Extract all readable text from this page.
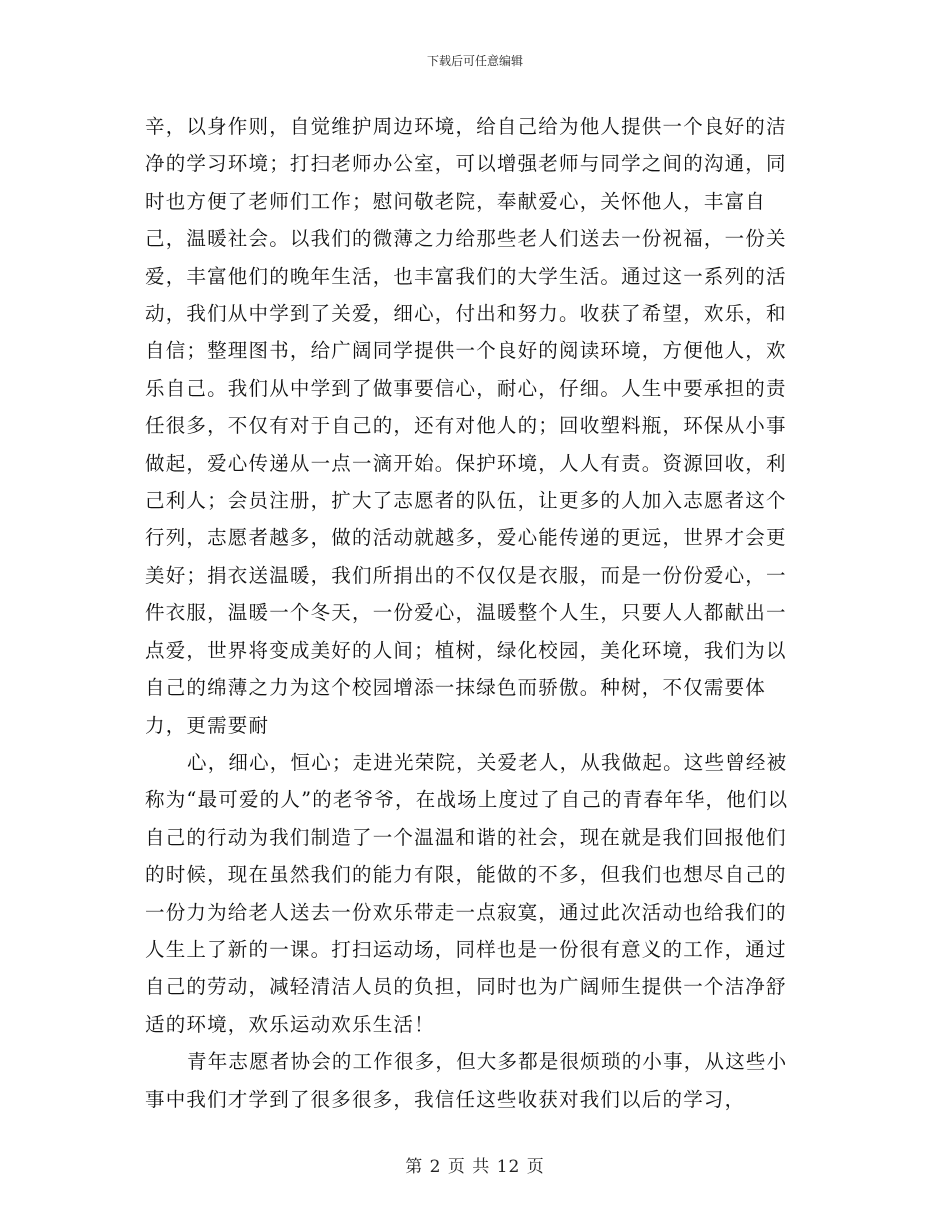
下载后可任意编辑

辛，以身作则，自觉维护周边环境，给自己给为他人提供一个良好的洁净的学习环境；打扫老师办公室，可以增强老师与同学之间的沟通，同时也方便了老师们工作；慰问敬老院，奉献爱心，关怀他人，丰富自己，温暖社会。以我们的微薄之力给那些老人们送去一份祝福，一份关爱，丰富他们的晚年生活，也丰富我们的大学生活。通过这一系列的活动，我们从中学到了关爱，细心，付出和努力。收获了希望，欢乐，和自信；整理图书，给广阔同学提供一个良好的阅读环境，方便他人，欢乐自己。我们从中学到了做事要信心，耐心，仔细。人生中要承担的责任很多，不仅有对于自己的，还有对他人的；回收塑料瓶，环保从小事做起，爱心传递从一点一滴开始。保护环境，人人有责。资源回收，利己利人；会员注册，扩大了志愿者的队伍，让更多的人加入志愿者这个行列，志愿者越多，做的活动就越多，爱心能传递的更远，世界才会更美好；捐衣送温暖，我们所捐出的不仅仅是衣服，而是一份份爱心，一件衣服，温暖一个冬天，一份爱心，温暖整个人生，只要人人都献出一点爱，世界将变成美好的人间；植树，绿化校园，美化环境，我们为以自己的绵薄之力为这个校园增添一抹绿色而骄傲。种树，不仅需要体力，更需要耐

心，细心，恒心；走进光荣院，关爱老人，从我做起。这些曾经被称为“最可爱的人”的老爷爷，在战场上度过了自己的青春年华，他们以自己的行动为我们制造了一个温温和谐的社会，现在就是我们回报他们的时候，现在虽然我们的能力有限，能做的不多，但我们也想尽自己的一份力为给老人送去一份欢乐带走一点寂寞，通过此次活动也给我们的人生上了新的一课。打扫运动场，同样也是一份很有意义的工作，通过自己的劳动，减轻清洁人员的负担，同时也为广阔师生提供一个洁净舒适的环境，欢乐运动欢乐生活！

青年志愿者协会的工作很多，但大多都是很烦琐的小事，从这些小事中我们才学到了很多很多，我信任这些收获对我们以后的学习，

第 2 页 共 12 页
